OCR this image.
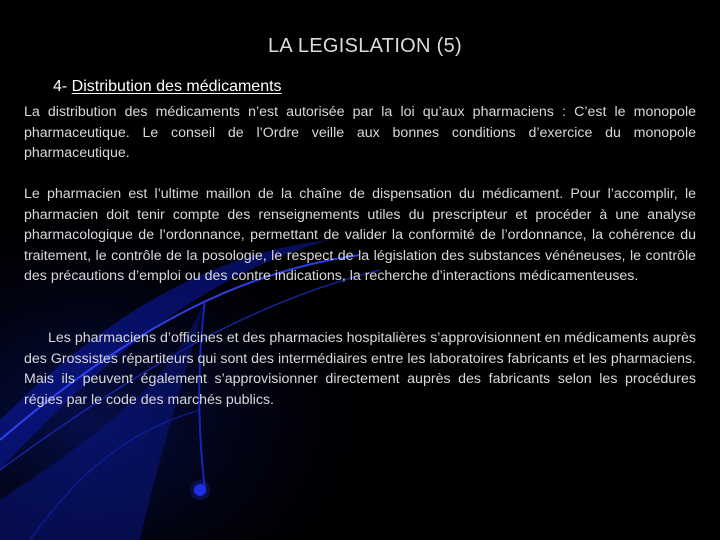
LA LEGISLATION (5)
4- Distribution des médicaments

La distribution des médicaments n’est autorisée par la loi qu’aux pharmaciens : C’est le monopole pharmaceutique. Le conseil de l’Ordre veille aux bonnes conditions d’exercice du monopole pharmaceutique.

Le pharmacien est l’ultime maillon de la chaîne de dispensation du médicament. Pour l’accomplir, le pharmacien doit tenir compte des renseignements utiles du prescripteur et procéder à une analyse pharmacologique de l’ordonnance, permettant de valider la conformité de l’ordonnance, la cohérence du traitement, le contrôle de la posologie, le respect de la législation des substances vénéneuses, le contrôle des précautions d’emploi ou des contre indications, la recherche d’interactions médicamenteuses.

Les pharmaciens d’officines et des pharmacies hospitalières s’approvisionnent en médicaments auprès des Grossistes répartiteurs qui sont des intermédiaires entre les laboratoires fabricants et les pharmaciens. Mais ils peuvent également s’approvisionner directement auprès des fabricants selon les procédures régies par le code des marchés publics.
